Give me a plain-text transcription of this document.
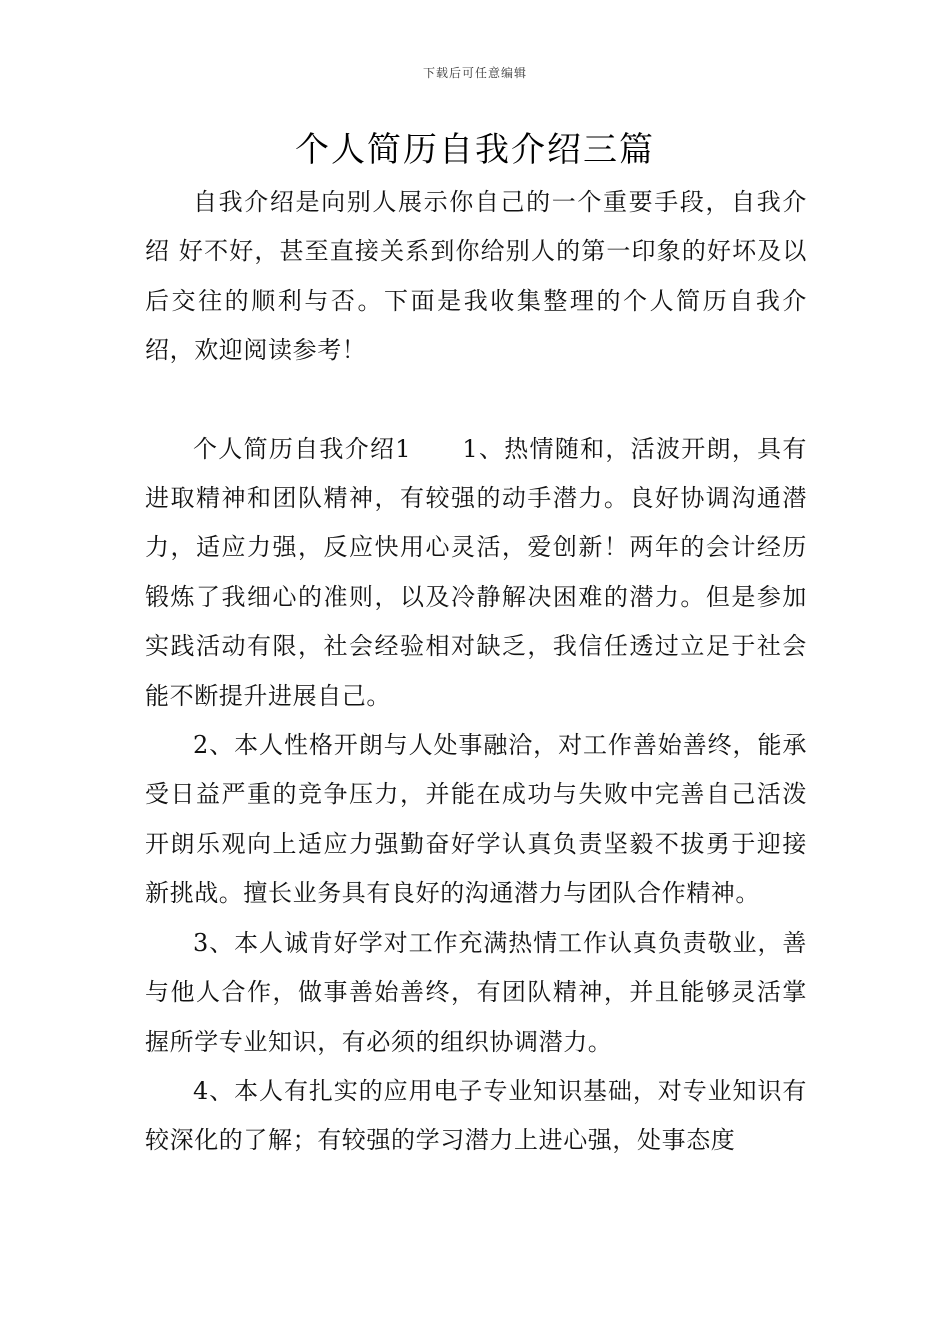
下载后可任意编辑
个人简历自我介绍三篇

自我介绍是向别人展示你自己的一个重要手段，自我介绍 好不好，甚至直接关系到你给别人的第一印象的好坏及以后交往的顺利与否。下面是我收集整理的个人简历自我介绍，欢迎阅读参考！

个人简历自我介绍1　　1、热情随和，活波开朗，具有进取精神和团队精神，有较强的动手潜力。良好协调沟通潜力，适应力强，反应快用心灵活，爱创新！两年的会计经历锻炼了我细心的准则，以及冷静解决困难的潜力。但是参加实践活动有限，社会经验相对缺乏，我信任透过立足于社会能不断提升进展自己。

2、本人性格开朗与人处事融洽，对工作善始善终，能承受日益严重的竞争压力，并能在成功与失败中完善自己活泼开朗乐观向上适应力强勤奋好学认真负责坚毅不拔勇于迎接新挑战。擅长业务具有良好的沟通潜力与团队合作精神。

3、本人诚肯好学对工作充满热情工作认真负责敬业，善与他人合作，做事善始善终，有团队精神，并且能够灵活掌握所学专业知识，有必须的组织协调潜力。

4、本人有扎实的应用电子专业知识基础，对专业知识有较深化的了解；有较强的学习潜力上进心强，处事态度
